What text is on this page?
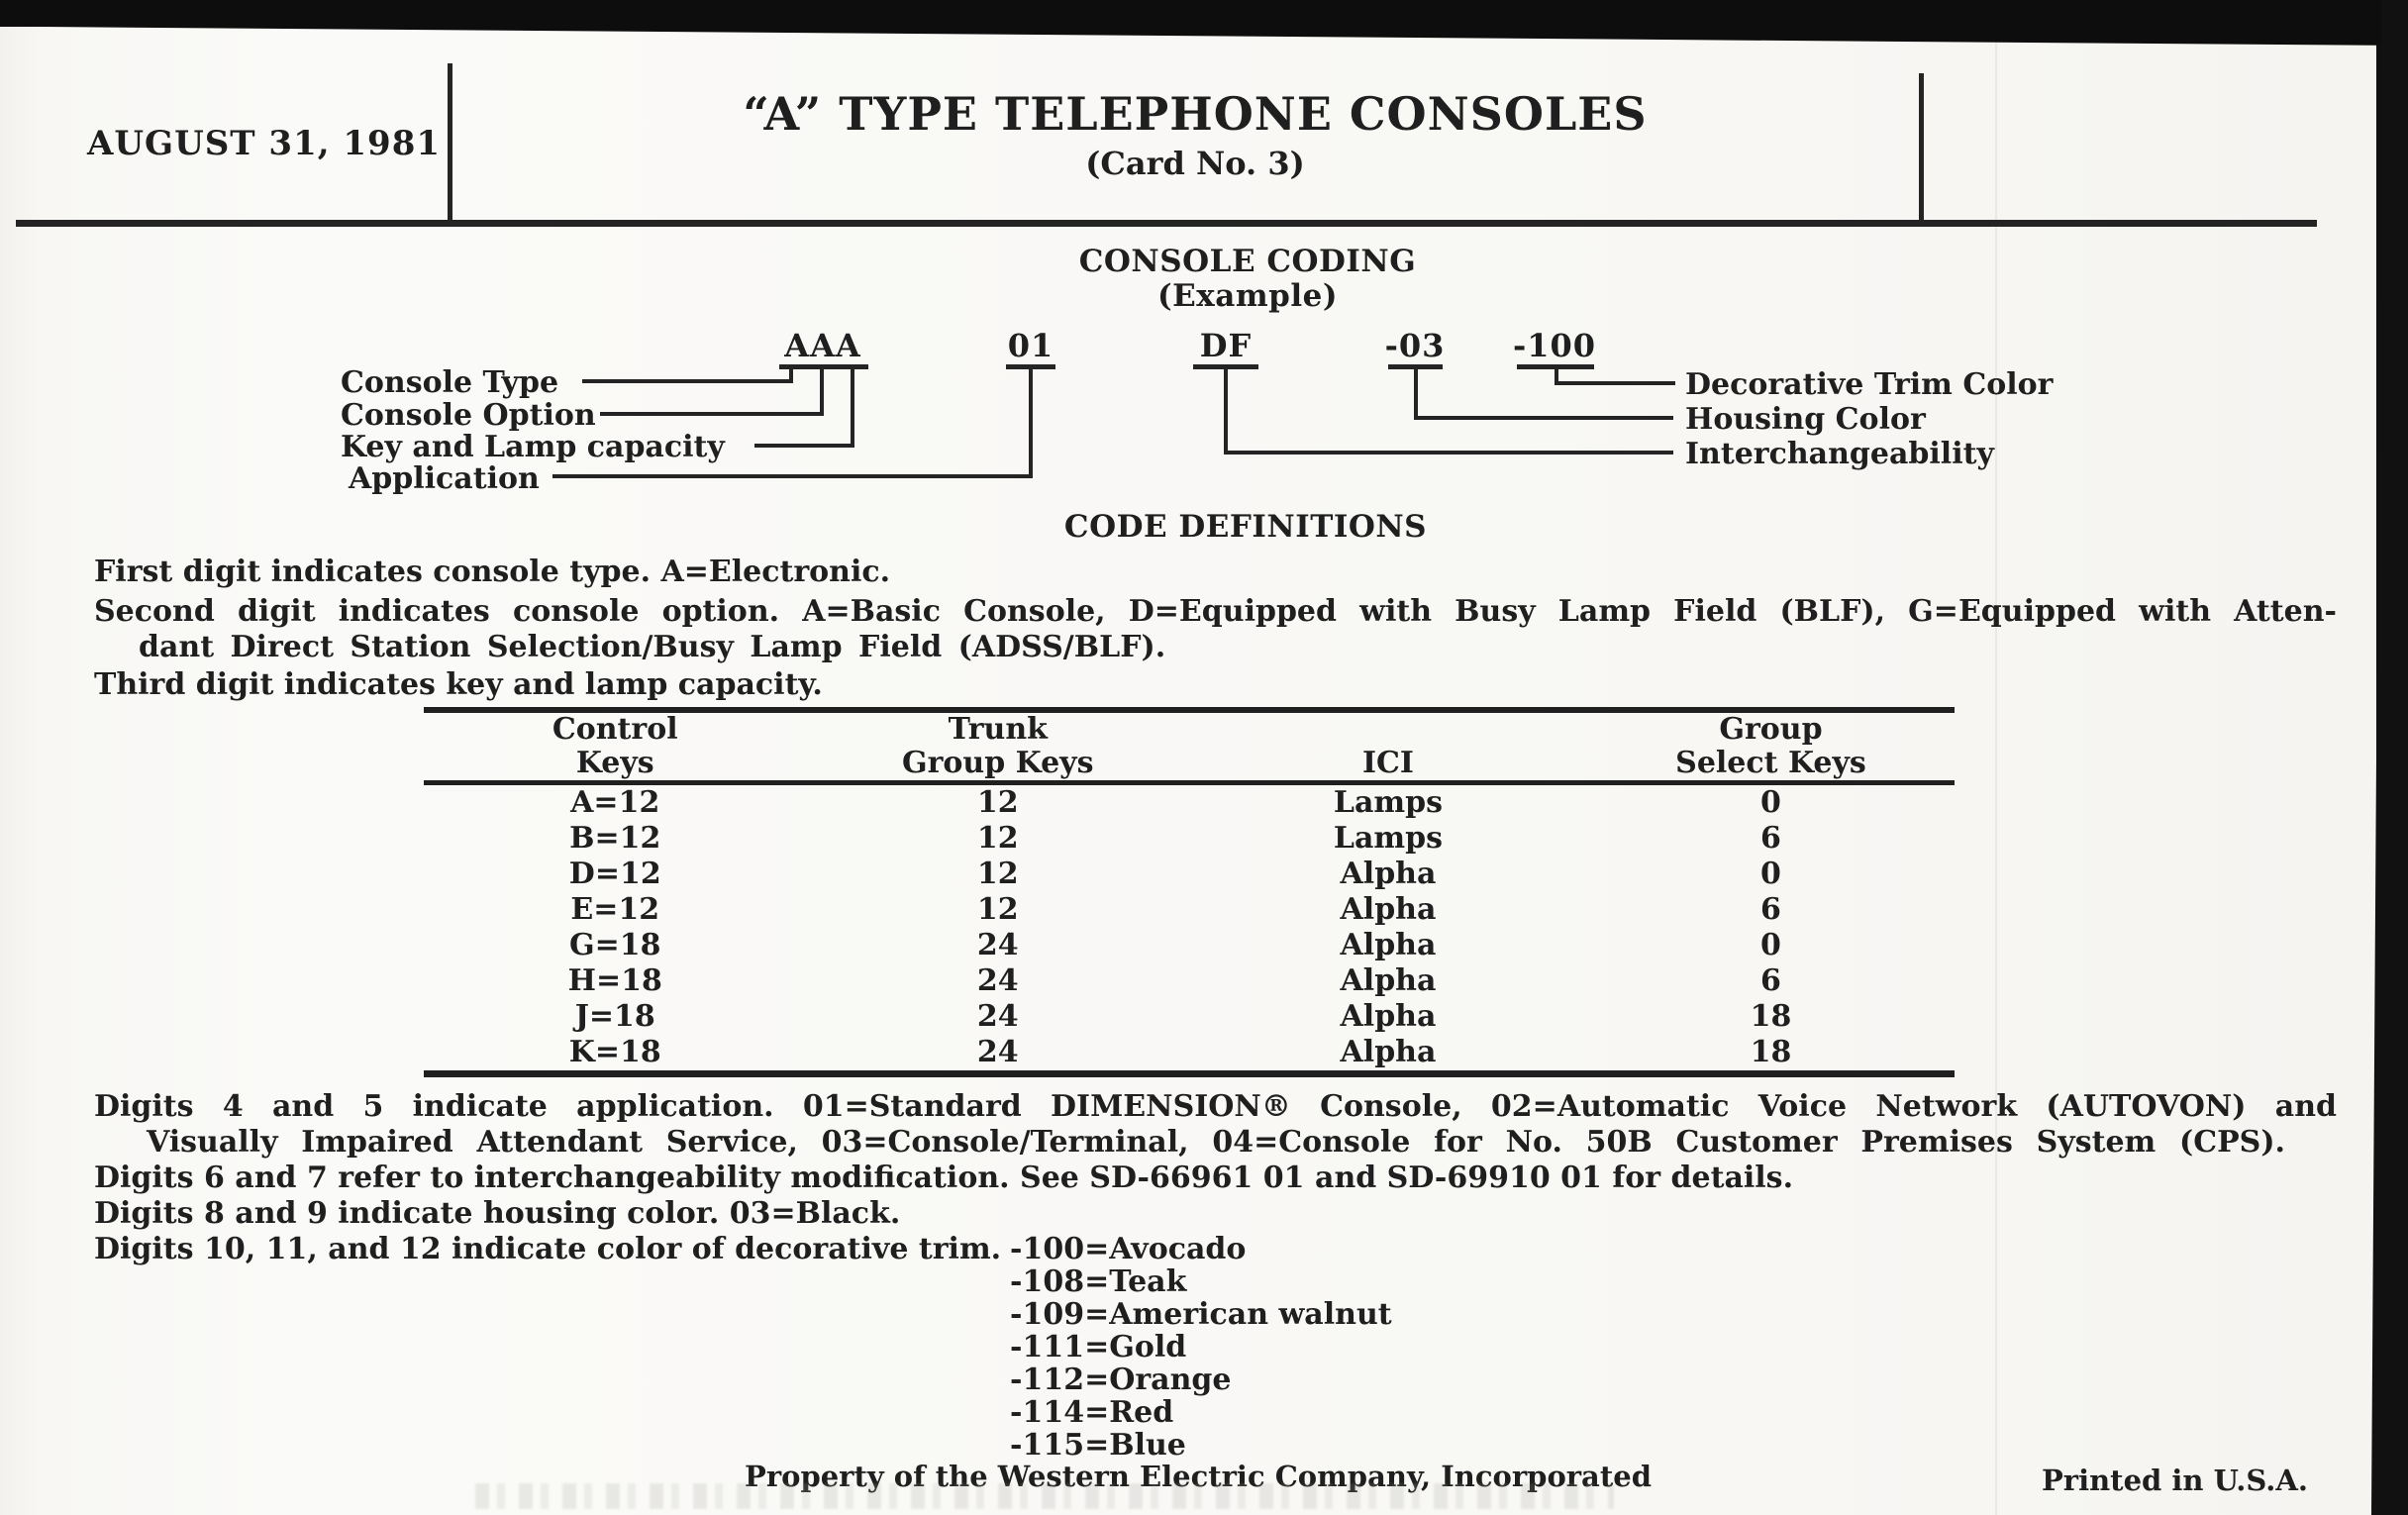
AUGUST 31, 1981
“A” TYPE TELEPHONE CONSOLES
(Card No. 3)
CONSOLE CODING
(Example)
AAA	01	DF	-03 -100
Console Type
Console Option
Key and Lamp capacity
Application
Decorative Trim Color
Housing Color
Interchangeability
CODE DEFINITIONS
First digit indicates console type. A=Electronic.
Second digit indicates console option. A=Basic Console, D=Equipped with Busy Lamp Field (BLF), G=Equipped with Atten-
dant Direct Station Selection/Busy Lamp Field (ADSS/BLF).
Third digit indicates key and lamp capacity.
Control	Trunk		Group
Keys	Group Keys	ICI	Select Keys
A=12	12	Lamps	0
B=12	12	Lamps	6
D=12	12	Alpha	0
E=12	12	Alpha	6
G=18	24	Alpha	0
H=18	24	Alpha	6
J=18	24	Alpha	18
K=18	24	Alpha	18
Digits 4 and 5 indicate application. 01=Standard DIMENSION® Console, 02=Automatic Voice Network (AUTOVON) and
Visually Impaired Attendant Service, 03=Console/Terminal, 04=Console for No. 50B Customer Premises System (CPS).
Digits 6 and 7 refer to interchangeability modification. See SD-66961 01 and SD-69910 01 for details.
Digits 8 and 9 indicate housing color. 03=Black.
Digits 10, 11, and 12 indicate color of decorative trim. -100=Avocado
-108=Teak
-109=American walnut
-111=Gold
-112=Orange
-114=Red
-115=Blue
Property of the Western Electric Company, Incorporated	Printed in U.S.A.
